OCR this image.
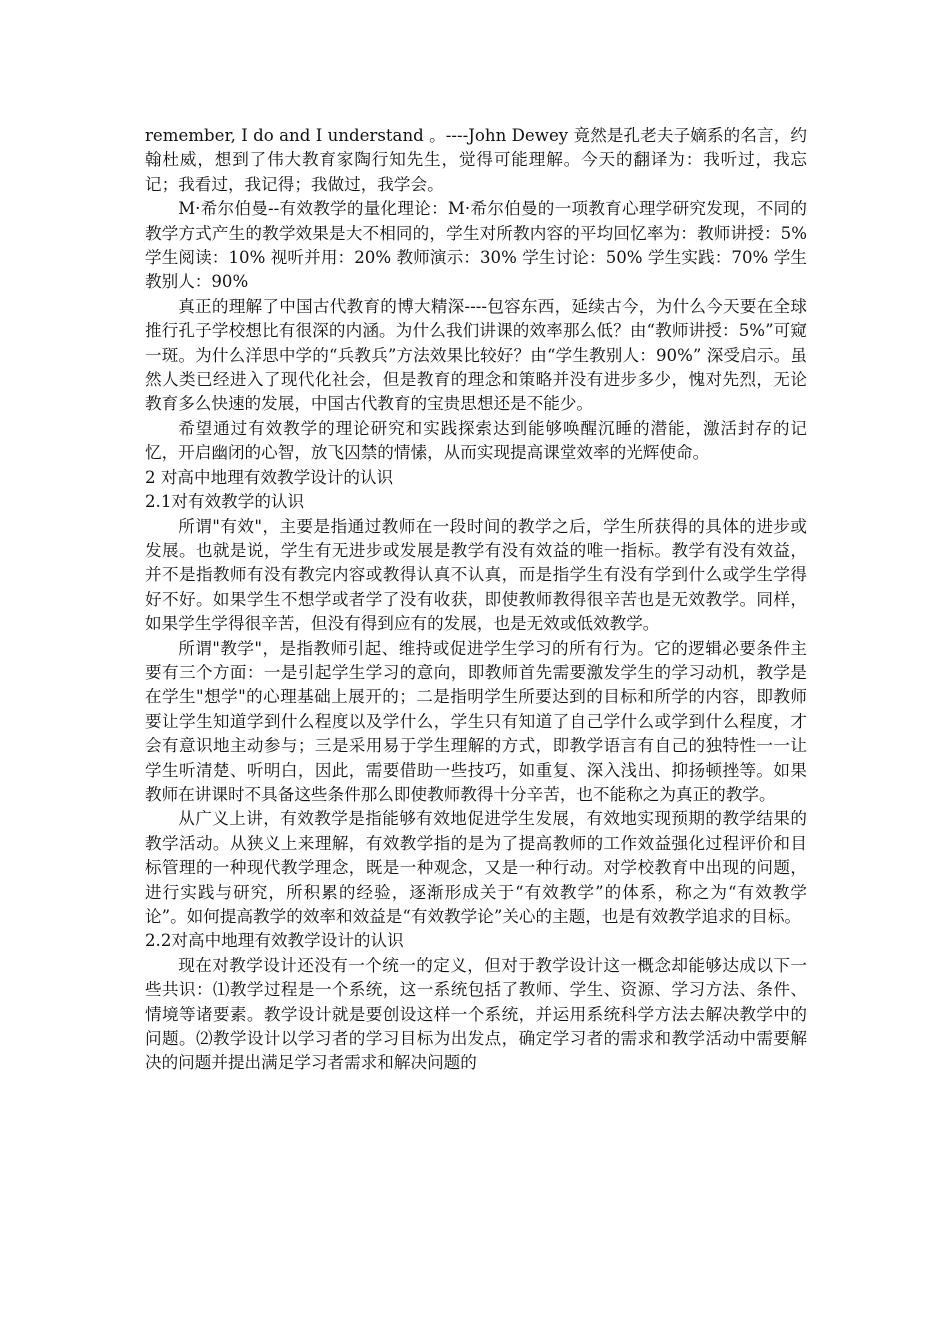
remember, I do and I understand 。----John Dewey 竟然是孔老夫子嫡系的名言，约翰杜威，想到了伟大教育家陶行知先生，觉得可能理解。今天的翻译为：我听过，我忘记；我看过，我记得；我做过，我学会。

M·希尔伯曼--有效教学的量化理论：M·希尔伯曼的一项教育心理学研究发现，不同的教学方式产生的教学效果是大不相同的，学生对所教内容的平均回忆率为：教师讲授：5% 学生阅读：10% 视听并用：20% 教师演示：30% 学生讨论：50% 学生实践：70% 学生教别人：90%

真正的理解了中国古代教育的博大精深----包容东西，延续古今，为什么今天要在全球推行孔子学校想比有很深的内涵。为什么我们讲课的效率那么低？由“教师讲授：5%”可窥一斑。为什么洋思中学的“兵教兵”方法效果比较好？由“学生教别人：90%” 深受启示。虽然人类已经进入了现代化社会，但是教育的理念和策略并没有进步多少，愧对先烈，无论教育多么快速的发展，中国古代教育的宝贵思想还是不能少。

希望通过有效教学的理论研究和实践探索达到能够唤醒沉睡的潜能，激活封存的记忆，开启幽闭的心智，放飞囚禁的情愫，从而实现提高课堂效率的光辉使命。

2 对高中地理有效教学设计的认识

2.1对有效教学的认识

所谓"有效"，主要是指通过教师在一段时间的教学之后，学生所获得的具体的进步或发展。也就是说，学生有无进步或发展是教学有没有效益的唯一指标。教学有没有效益，并不是指教师有没有教完内容或教得认真不认真，而是指学生有没有学到什么或学生学得好不好。如果学生不想学或者学了没有收获，即使教师教得很辛苦也是无效教学。同样，如果学生学得很辛苦，但没有得到应有的发展，也是无效或低效教学。

所谓"教学"，是指教师引起、维持或促进学生学习的所有行为。它的逻辑必要条件主要有三个方面：一是引起学生学习的意向，即教师首先需要激发学生的学习动机，教学是在学生"想学"的心理基础上展开的；二是指明学生所要达到的目标和所学的内容，即教师要让学生知道学到什么程度以及学什么，学生只有知道了自己学什么或学到什么程度，才会有意识地主动参与；三是采用易于学生理解的方式，即教学语言有自己的独特性一一让学生听清楚、听明白，因此，需要借助一些技巧，如重复、深入浅出、抑扬顿挫等。如果教师在讲课时不具备这些条件那么即使教师教得十分辛苦，也不能称之为真正的教学。

从广义上讲，有效教学是指能够有效地促进学生发展，有效地实现预期的教学结果的教学活动。从狭义上来理解，有效教学指的是为了提高教师的工作效益强化过程评价和目标管理的一种现代教学理念，既是一种观念，又是一种行动。对学校教育中出现的问题，进行实践与研究，所积累的经验，逐渐形成关于“有效教学”的体系，称之为“有效教学论”。如何提高教学的效率和效益是“有效教学论”关心的主题，也是有效教学追求的目标。

2.2对高中地理有效教学设计的认识

现在对教学设计还没有一个统一的定义，但对于教学设计这一概念却能够达成以下一些共识：⑴教学过程是一个系统，这一系统包括了教师、学生、资源、学习方法、条件、情境等诸要素。教学设计就是要创设这样一个系统，并运用系统科学方法去解决教学中的问题。⑵教学设计以学习者的学习目标为出发点，确定学习者的需求和教学活动中需要解决的问题并提出满足学习者需求和解决问题的
